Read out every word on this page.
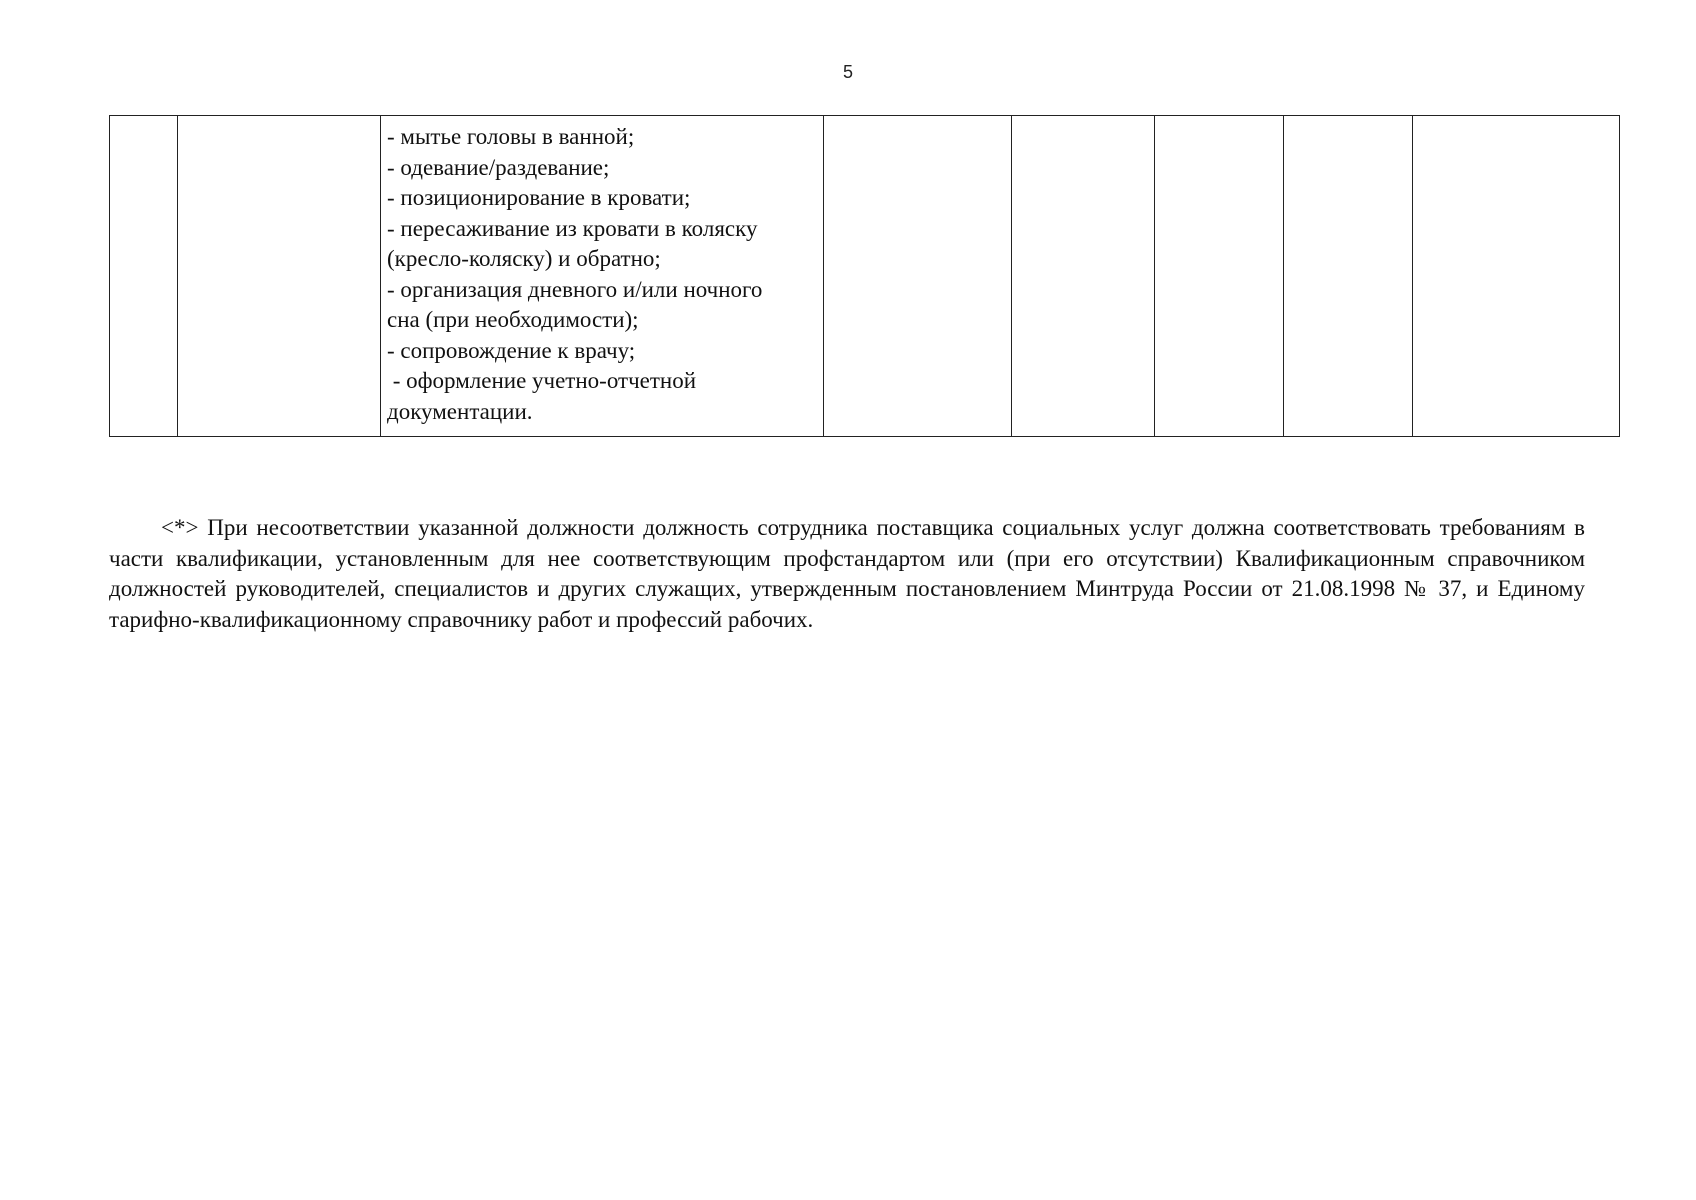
5

- мытье головы в ванной;
- одевание/раздевание;
- позиционирование в кровати;
- пересаживание из кровати в коляску
(кресло-коляску) и обратно;
- организация дневного и/или ночного
сна (при необходимости);
- сопровождение к врачу;
- оформление учетно-отчетной
документации.

<*> При несоответствии указанной должности должность сотрудника поставщика социальных услуг должна соответствовать требованиям в части квалификации, установленным для нее соответствующим профстандартом или (при его отсутствии) Квалификационным справочником должностей руководителей, специалистов и других служащих, утвержденным постановлением Минтруда России от 21.08.1998 № 37, и Единому тарифно-квалификационному справочнику работ и профессий рабочих.
